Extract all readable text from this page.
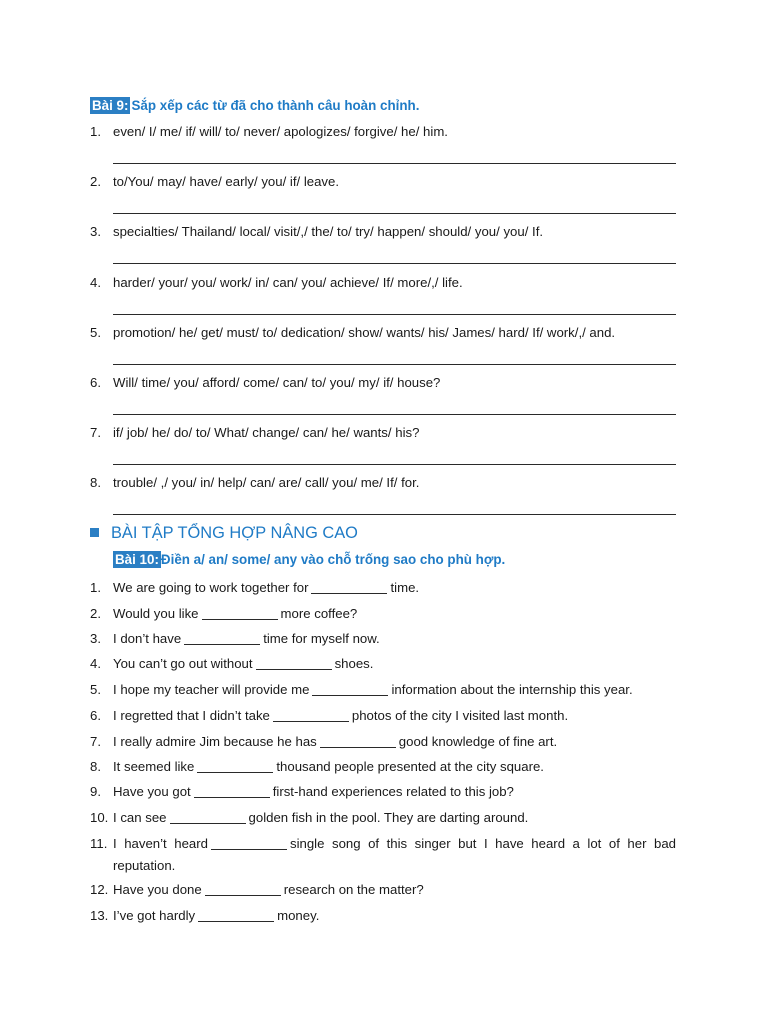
Bài 9: Sắp xếp các từ đã cho thành câu hoàn chỉnh.
1. even/ I/ me/ if/ will/ to/ never/ apologizes/ forgive/ he/ him.
2. to/You/ may/ have/ early/ you/ if/ leave.
3. specialties/ Thailand/ local/ visit/,/ the/ to/ try/ happen/ should/ you/ you/ If.
4. harder/ your/ you/ work/ in/ can/ you/ achieve/ If/ more/,/ life.
5. promotion/ he/ get/ must/ to/ dedication/ show/ wants/ his/ James/ hard/ If/ work/,/ and.
6. Will/ time/ you/ afford/ come/ can/ to/ you/ my/ if/ house?
7. if/ job/ he/ do/ to/ What/ change/ can/ he/ wants/ his?
8. trouble/ ,/ you/ in/ help/ can/ are/ call/ you/ me/ If/ for.
BÀI TẬP TỔNG HỢP NÂNG CAO
Bài 10: Điền a/ an/ some/ any vào chỗ trống sao cho phù hợp.
1. We are going to work together for	time.
2. Would you like	more coffee?
3. I don’t have	time for myself now.
4. You can’t go out without	shoes.
5. I hope my teacher will provide me	information about the internship this year.
6. I regretted that I didn’t take	photos of the city I visited last month.
7. I really admire Jim because he has	good knowledge of fine art.
8. It seemed like	thousand people presented at the city square.
9. Have you got	first-hand experiences related to this job?
10. I can see	golden fish in the pool. They are darting around.
11. I haven’t heard	single song of this singer but I have heard a lot of her bad reputation.
12. Have you done	research on the matter?
13. I’ve got hardly	money.
